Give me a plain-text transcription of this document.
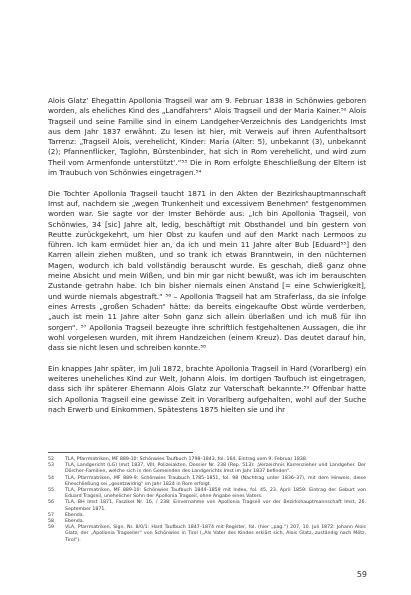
Alois Glatz’ Ehegattin Apollonia Tragseil war am 9. Februar 1838 in Schönwies geboren worden, als eheliches Kind des „Landfahrers“ Alois Tragseil und der Maria Kainer.⁵² Alois Tragseil und seine Familie sind in einem Landgeher-Verzeichnis des Landgerichts Imst aus dem Jahr 1837 erwähnt. Zu lesen ist hier, mit Verweis auf ihren Aufenthaltsort Tarrenz: „Tragseil Alois, verehelicht, Kinder: Maria (Alter: 5), unbekannt (3), unbekannt (2); Pfannenflicker, Taglohn, Bürstenbinder, hat sich in Rom verehelicht, und wird zum Theil vom Armenfonde unterstützt‘.“⁵³ Die in Rom erfolgte Eheschließung der Eltern ist im Traubuch von Schönwies eingetragen.⁵⁴

Die Tochter Apollonia Tragseil taucht 1871 in den Akten der Bezirkshauptmannschaft Imst auf, nachdem sie „wegen Trunkenheit und excessivem Benehmen“ festgenommen worden war. Sie sagte vor der Imster Behörde aus: „Ich bin Apollonia Tragseil, von Schönwies, 34 [sic] Jahre alt, ledig, beschäftigt mit Obsthandel und bin gestern von Reutte zurückgekehrt, um hier Obst zu kaufen und auf den Markt nach Lermoos zu führen. Ich kam ermüdet hier an, da ich und mein 11 Jahre alter Bub [Eduard⁵⁵] den Karren allein ziehen mußten, und so trank ich etwas Branntwein, in den nüchternen Magen, wodurch ich bald vollständig berauscht wurde. Es geschah, dieß ganz ohne meine Absicht und mein Wißen, und bin mir gar nicht bewußt, was ich im berauschten Zustande getrahn habe. Ich bin bisher niemals einen Anstand [= eine Schwierigkeit], und wurde niemals abgestraft.“ ⁵⁶ – Apollonia Tragseil hat am Straferlass, da sie infolge eines Arrests „großen Schaden“ hätte: da bereits eingekaufte Obst würde verderben, „auch ist mein 11 Jahre alter Sohn ganz sich allein überlaßen und ich muß für ihn sorgen“. ⁵⁷ Apollonia Tragseil bezeugte ihre schriftlich festgehaltenen Aussagen, die ihr wohl vorgelesen wurden, mit ihrem Handzeichen (einem Kreuz). Das deutet darauf hin, dass sie nicht lesen und schreiben konnte.⁵⁸

Ein knappes Jahr später, im Juli 1872, brachte Apollonia Tragseil in Hard (Vorarlberg) ein weiteres uneheliches Kind zur Welt, Johann Alois. Im dortigen Taufbuch ist eingetragen, dass sich ihr späterer Ehemann Alois Glatz zur Vaterschaft bekannte.⁵⁹ Offenbar hatte sich Apollonia Tragseil eine gewisse Zeit in Vorarlberg aufgehalten, wohl auf der Suche nach Erwerb und Einkommen. Spätestens 1875 hielten sie und ihr

52	TLA, Pfarrmatriken, MF 889-10: Schönwies Taufbuch 1798–1843, fol. 164. Eintrag vom 9. Februar 1838.
53	TLA, Landgericht (LG) Imst 1837, VIII, Polizeiakten, Dossier Nr. 238 (Rep. 513): „Verzeichnis Karrenzieher und Landgeher. Der Dörcher–Familien, welche sich in den Gemeinden des Landgerichts Imst im Jahr 1837 befinden“.
54	TLA, Pfarrmatriken, MF 889-9: Schönwies Traubuch 1785–1851, fol. 98 (Nachtrag unter 1836–37), mit dem Hinweis, diese Eheschließung sei „gesetzwidrig“ im Jahr 1824 in Rom erfolgt.
55	TLA, Pfarrmatriken, MF 889-10: Schönwies Taufbuch 1844–1859 mit Index, fol. 45, 23. April 1859: Eintrag der Geburt von Eduard Tragseil, unehelicher Sohn der Apollonia Tragseil, ohne Angabe eines Vaters.
56	TLA, BH Imst 1871, Faszikel Nr. 16, / 238: Einvernahme von Apollonia Tragseil vor der Bezirkshauptmannschaft Imst, 26. September 1871.
57	Ebenda.
58	Ebenda.
59	VLA, Pfarrmatriken, Sign. Nr. 8/0/1: Hard Taufbuch 1847–1874 mit Register, fol. (hier „pag.“) 207, 10. Juli 1872: Johann Alois Glatz, der „Apollonia Tragseiler“ von Schönwies in Tirol („Als Vater des Kindes erklärt sich, Alois Glatz, zuständig nach Mötz, Tirol“).
59
